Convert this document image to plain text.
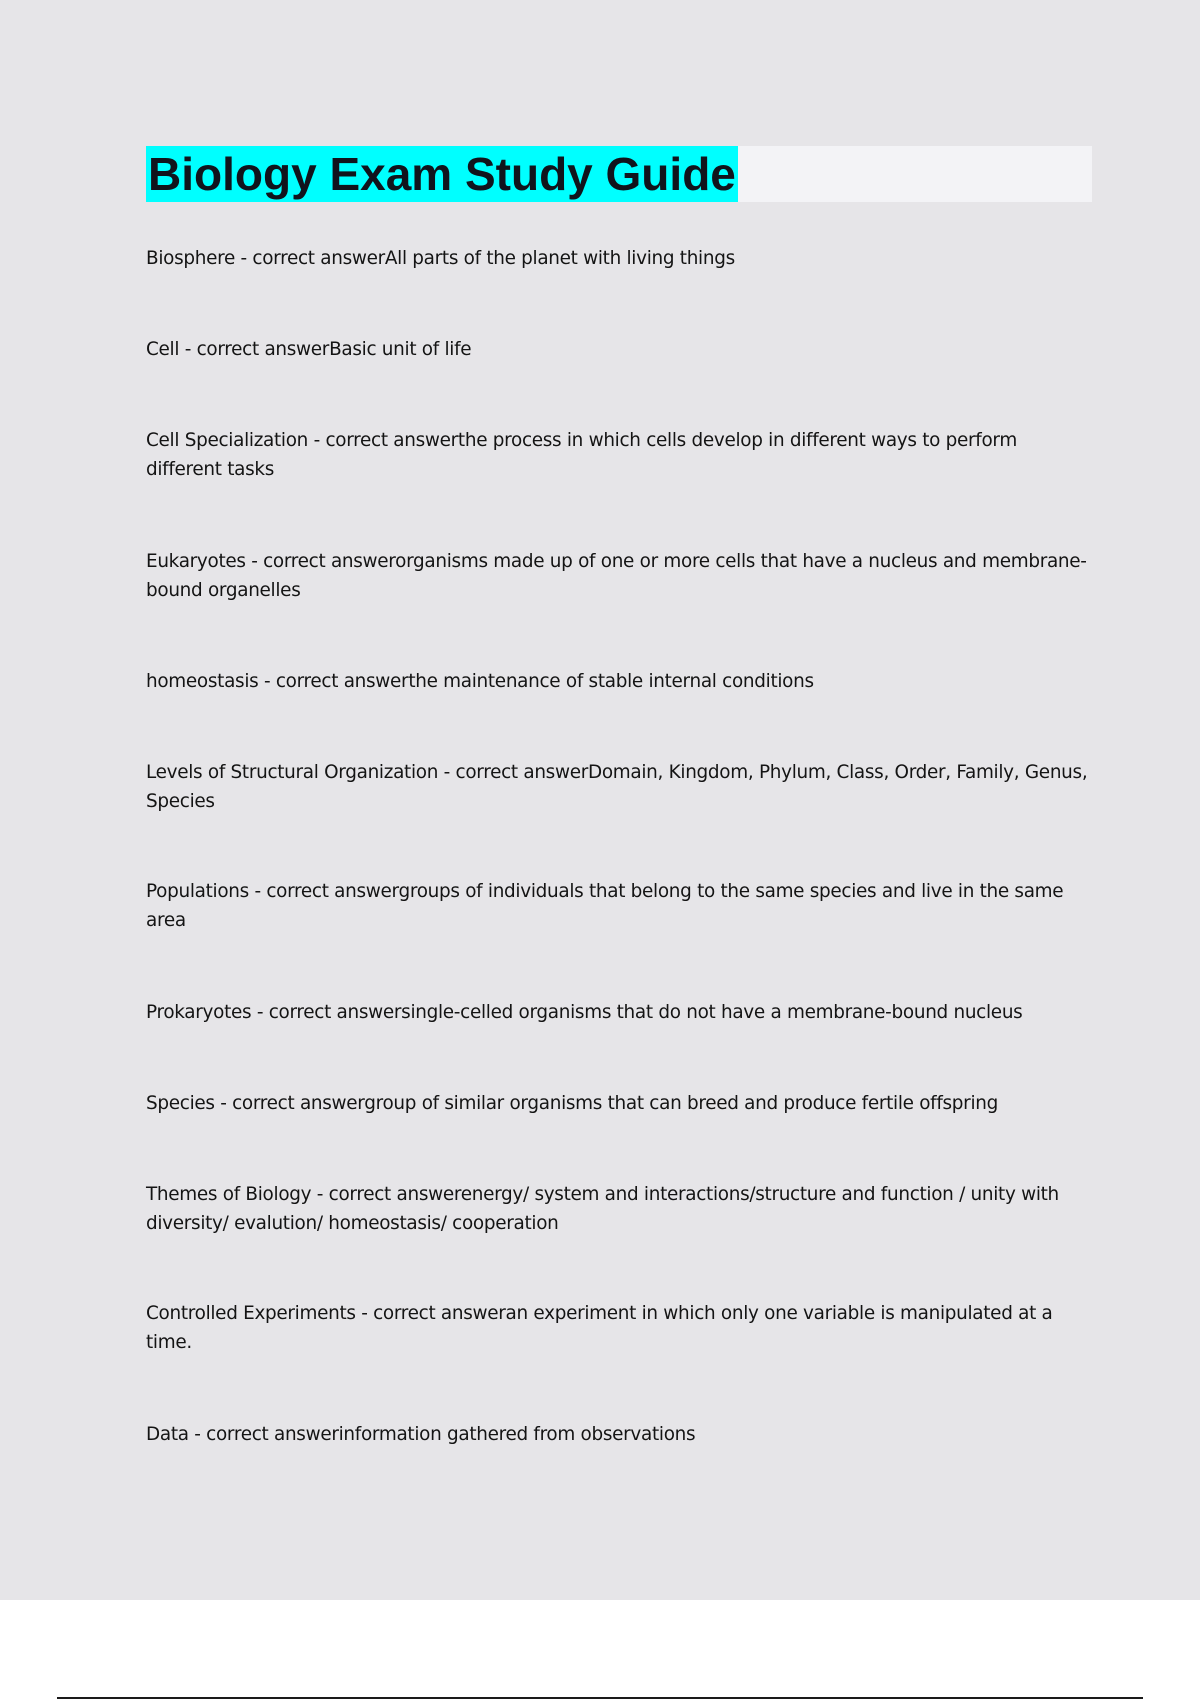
Biology Exam Study Guide
Biosphere - correct answerAll parts of the planet with living things
Cell - correct answerBasic unit of life
Cell Specialization - correct answerthe process in which cells develop in different ways to perform different tasks
Eukaryotes - correct answerorganisms made up of one or more cells that have a nucleus and membrane-bound organelles
homeostasis - correct answerthe maintenance of stable internal conditions
Levels of Structural Organization - correct answerDomain, Kingdom, Phylum, Class, Order, Family, Genus, Species
Populations - correct answergroups of individuals that belong to the same species and live in the same area
Prokaryotes - correct answersingle-celled organisms that do not have a membrane-bound nucleus
Species - correct answergroup of similar organisms that can breed and produce fertile offspring
Themes of Biology - correct answerenergy/ system and interactions/structure and function / unity with diversity/ evalution/ homeostasis/ cooperation
Controlled Experiments - correct answeran experiment in which only one variable is manipulated at a time.
Data - correct answerinformation gathered from observations
